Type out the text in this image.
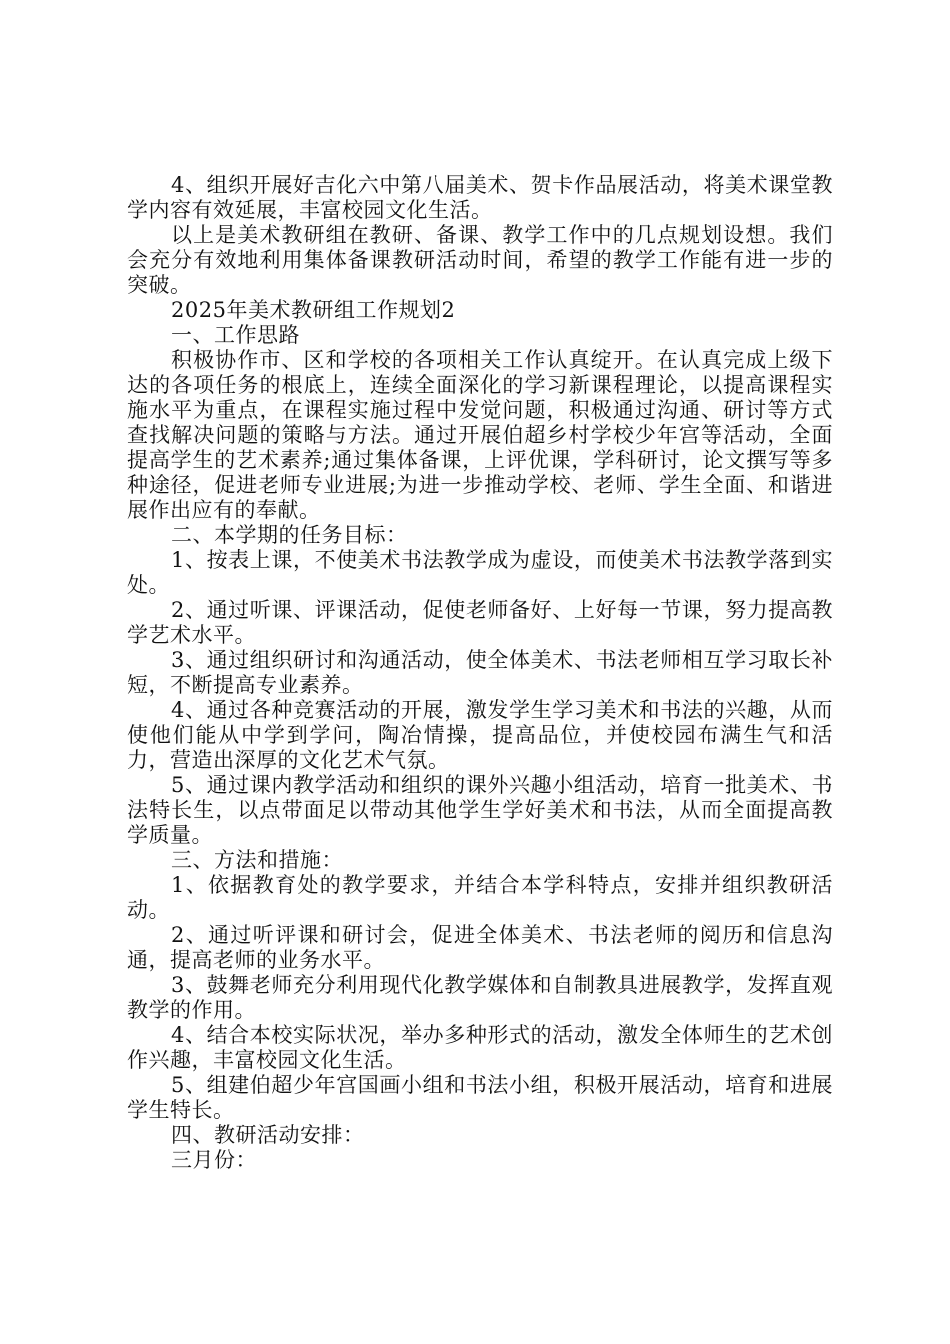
4、组织开展好吉化六中第八届美术、贺卡作品展活动，将美术课堂教学内容有效延展，丰富校园文化生活。

以上是美术教研组在教研、备课、教学工作中的几点规划设想。我们会充分有效地利用集体备课教研活动时间，希望的教学工作能有进一步的突破。

2025年美术教研组工作规划2

一、工作思路

积极协作市、区和学校的各项相关工作认真绽开。在认真完成上级下达的各项任务的根底上，连续全面深化的学习新课程理论，以提高课程实施水平为重点，在课程实施过程中发觉问题，积极通过沟通、研讨等方式查找解决问题的策略与方法。通过开展伯超乡村学校少年宫等活动，全面提高学生的艺术素养;通过集体备课，上评优课，学科研讨，论文撰写等多种途径，促进老师专业进展;为进一步推动学校、老师、学生全面、和谐进展作出应有的奉献。

二、本学期的任务目标：

1、按表上课，不使美术书法教学成为虚设，而使美术书法教学落到实处。

2、通过听课、评课活动，促使老师备好、上好每一节课，努力提高教学艺术水平。

3、通过组织研讨和沟通活动，使全体美术、书法老师相互学习取长补短，不断提高专业素养。

4、通过各种竞赛活动的开展，激发学生学习美术和书法的兴趣，从而使他们能从中学到学问，陶冶情操，提高品位，并使校园布满生气和活力，营造出深厚的文化艺术气氛。

5、通过课内教学活动和组织的课外兴趣小组活动，培育一批美术、书法特长生，以点带面足以带动其他学生学好美术和书法，从而全面提高教学质量。

三、方法和措施：

1、依据教育处的教学要求，并结合本学科特点，安排并组织教研活动。

2、通过听评课和研讨会，促进全体美术、书法老师的阅历和信息沟通，提高老师的业务水平。

3、鼓舞老师充分利用现代化教学媒体和自制教具进展教学，发挥直观教学的作用。

4、结合本校实际状况，举办多种形式的活动，激发全体师生的艺术创作兴趣，丰富校园文化生活。

5、组建伯超少年宫国画小组和书法小组，积极开展活动，培育和进展学生特长。

四、教研活动安排：

三月份：
